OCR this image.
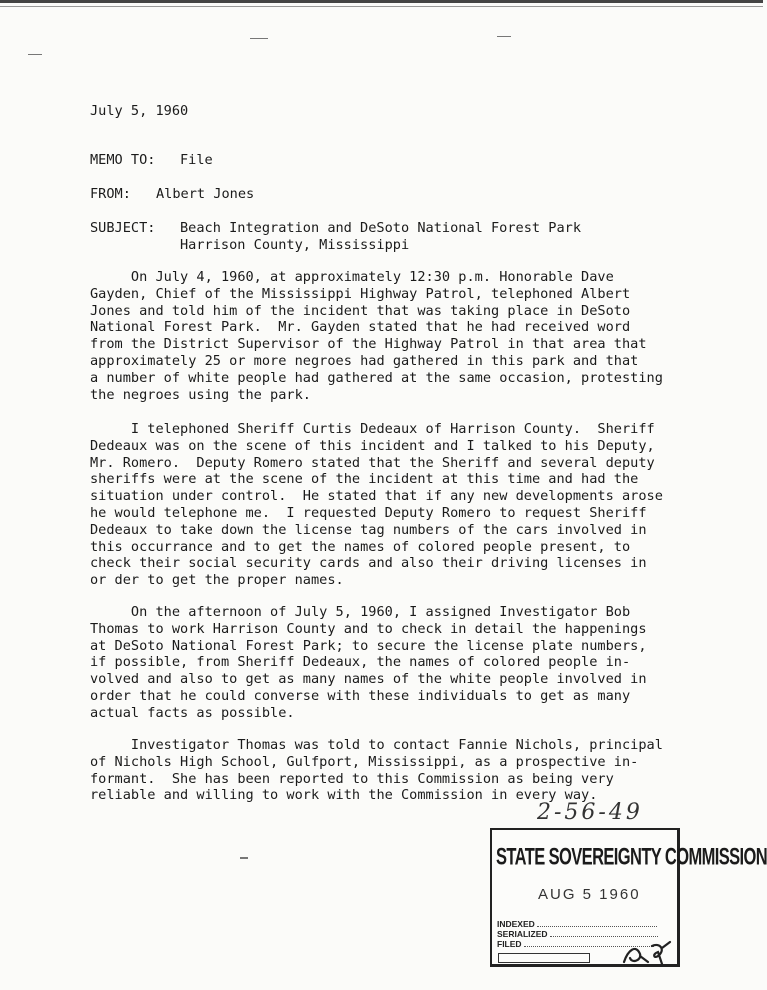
July 5, 1960
MEMO TO: File
FROM: Albert Jones
SUBJECT: Beach Integration and DeSoto National Forest Park
Harrison County, Mississippi

On July 4, 1960, at approximately 12:30 p.m. Honorable Dave

Gayden, Chief of the Mississippi Highway Patrol, telephoned Albert

Jones and told him of the incident that was taking place in DeSoto

National Forest Park.  Mr. Gayden stated that he had received word

from the District Supervisor of the Highway Patrol in that area that

approximately 25 or more negroes had gathered in this park and that

a number of white people had gathered at the same occasion, protesting

the negroes using the park.

I telephoned Sheriff Curtis Dedeaux of Harrison County.  Sheriff

Dedeaux was on the scene of this incident and I talked to his Deputy,

Mr. Romero.  Deputy Romero stated that the Sheriff and several deputy

sheriffs were at the scene of the incident at this time and had the

situation under control.  He stated that if any new developments arose

he would telephone me.  I requested Deputy Romero to request Sheriff

Dedeaux to take down the license tag numbers of the cars involved in

this occurrance and to get the names of colored people present, to

check their social security cards and also their driving licenses in

or der to get the proper names.

On the afternoon of July 5, 1960, I assigned Investigator Bob

Thomas to work Harrison County and to check in detail the happenings

at DeSoto National Forest Park; to secure the license plate numbers,

if possible, from Sheriff Dedeaux, the names of colored people in-

volved and also to get as many names of the white people involved in

order that he could converse with these individuals to get as many

actual facts as possible.

Investigator Thomas was told to contact Fannie Nichols, principal

of Nichols High School, Gulfport, Mississippi, as a prospective in-

formant.  She has been reported to this Commission as being very

reliable and willing to work with the Commission in every way.

2-56-49
STATE SOVEREIGNTY COMMISSION
AUG 5 1960
INDEXED
SERIALIZED
FILED
